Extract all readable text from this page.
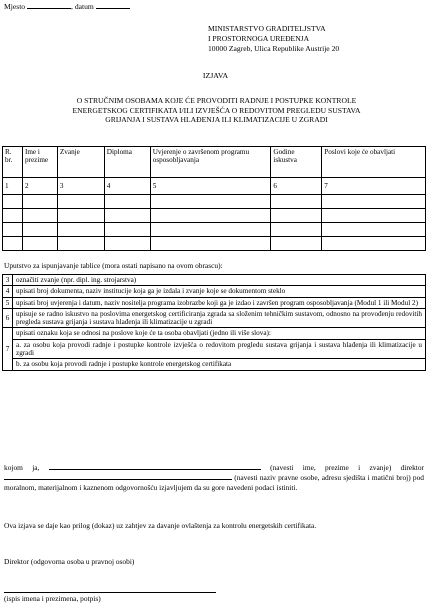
Mjesto	, datum
MINISTARSTVO GRADITELJSTVA
I PROSTORNOGA UREĐENJA
10000 Zagreb, Ulica Republike Austrije 20
IZJAVA
O STRUČNIM OSOBAMA KOJE ĆE PROVODITI RADNJE I POSTUPKE KONTROLE
ENERGETSKOG CERTIFIKATA I/ILI IZVJEŠĆA O REDOVITOM PREGLEDU SUSTAVA
GRIJANJA I SUSTAVA HLAĐENJA ILI KLIMATIZACIJE U ZGRADI
R. br.	Ime i prezime	Zvanje	Diploma	Uvjerenje o završenom programu osposobljavanja	Godine iskustva	Poslovi koje će obavljati
1	2	3	4	5	6	7

Uputstvo za ispunjavanje tablice (mora ostati napisano na ovom obrascu):
3	označiti zvanje (npr. dipl. ing. strojarstva)
4	upisati broj dokumenta, naziv institucije koja ga je izdala i zvanje koje se dokumentom steklo
5	upisati broj uvjerenja i datum, naziv nositelja programa izobrazbe koji ga je izdao i završen program osposobljavanja (Modul 1 ili Modul 2)
6	upisuje se radno iskustvo na poslovima energetskog certificiranja zgrada sa složenim tehničkim sustavom, odnosno na provođenju redovitih pregleda sustava grijanja i sustava hlađenja ili klimatizacije u zgradi
7	upisati oznaku koja se odnosi na poslove koje će ta osoba obavljati (jedno ili više slova):
	a. za osobu koja provodi radnje i postupke kontrole izvješća o redovitom pregledu sustava grijanja i sustava hlađenja ili klimatizacije u zgradi
	b. za osobu koja provodi radnje i postupke kontrole energetskog certifikata
kojom ja,	(navesti ime, prezime i zvanje) direktor  (navesti naziv pravne osobe, adresu sjedišta i matični broj) pod moralnom, materijalnom i kaznenom odgovornošću izjavljujem da su gore navedeni podaci istiniti.
Ova izjava se daje kao prilog (dokaz) uz zahtjev za davanje ovlaštenja za kontrolu energetskih certifikata.
Direktor (odgovorna osoba u pravnoj osobi)
(ispis imena i prezimena, potpis)
